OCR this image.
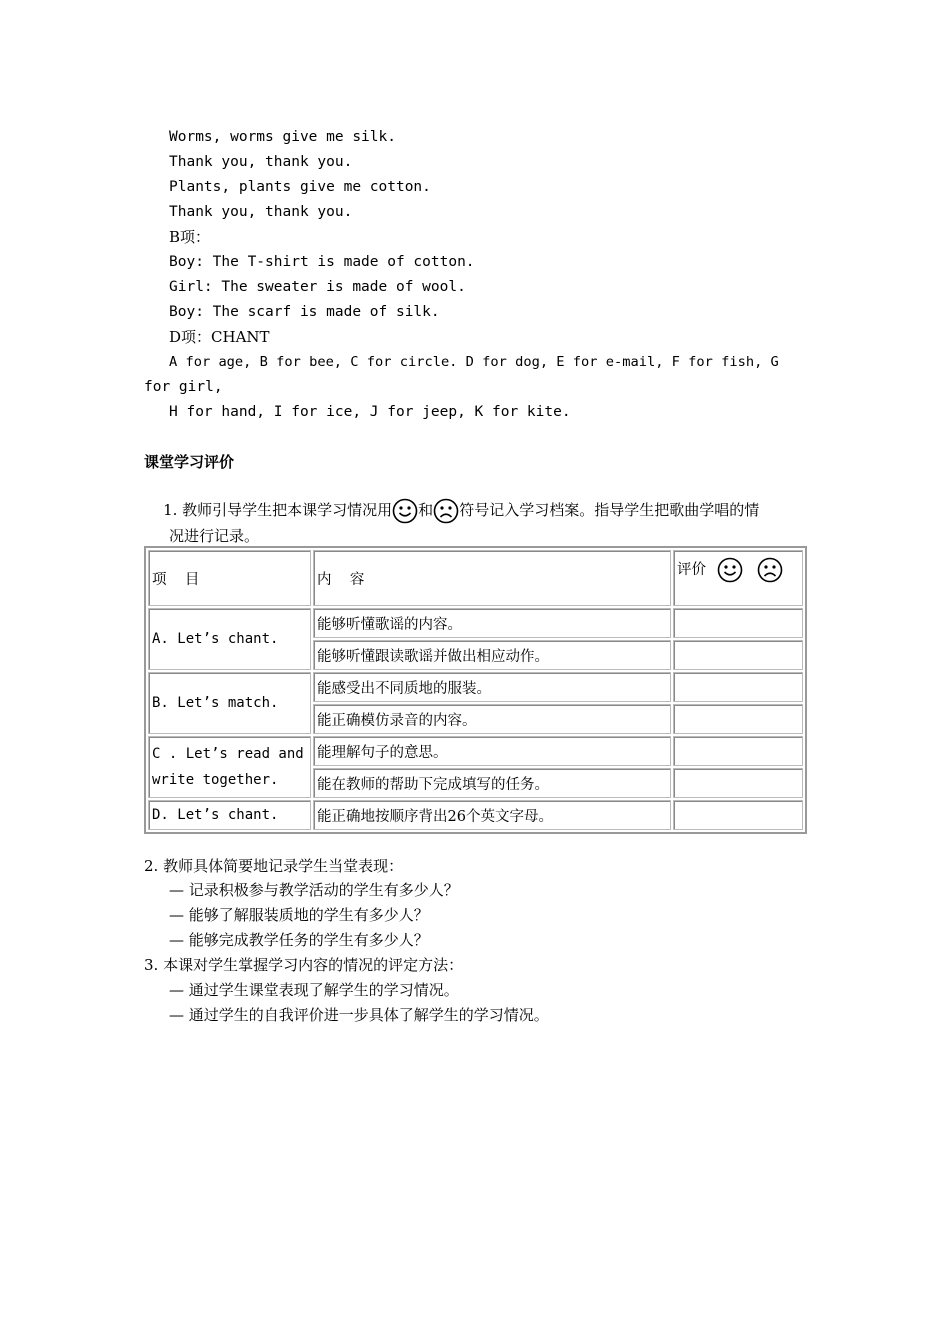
Worms, worms give me silk.
Thank you, thank you.
Plants, plants give me cotton.
Thank you, thank you.
B项：
Boy: The T-shirt is made of cotton.
Girl: The sweater is made of wool.
Boy: The scarf is made of silk.
D项：CHANT
A for age, B for bee, C for circle. D for dog, E for e-mail, F for fish, G
for girl,
H for hand, I for ice, J for jeep, K for kite.
课堂学习评价

1. 教师引导学生把本课学习情况用 和 符号记入学习档案。指导学生把歌曲学唱的情

况进行记录。
项    目	内    容	评价
A. Let’s chant.	能够听懂歌谣的内容。	
	能够听懂跟读歌谣并做出相应动作。	
B. Let’s match.	能感受出不同质地的服装。	
	能正确模仿录音的内容。	

C . Let’s read and
write together.	能理解句子的意思。	
	能在教师的帮助下完成填写的任务。	
D. Let’s chant.	能正确地按顺序背出26个英文字母。	
2. 教师具体简要地记录学生当堂表现：
— 记录积极参与教学活动的学生有多少人？
— 能够了解服装质地的学生有多少人？
— 能够完成教学任务的学生有多少人？
3. 本课对学生掌握学习内容的情况的评定方法：
— 通过学生课堂表现了解学生的学习情况。
— 通过学生的自我评价进一步具体了解学生的学习情况。
